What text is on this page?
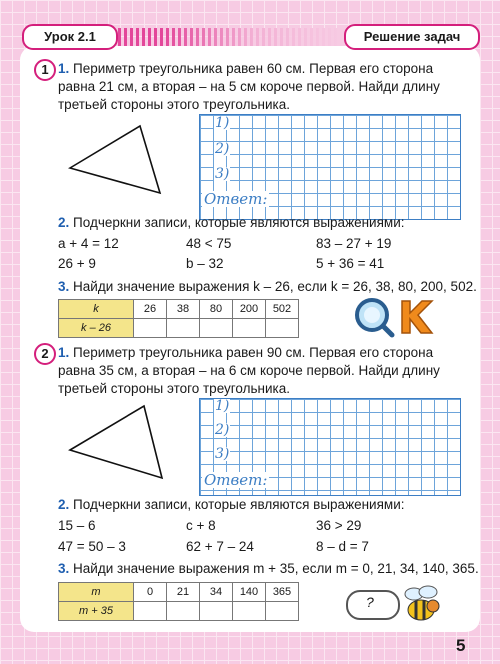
Урок 2.1	Решение задач
1 1. Периметр треугольника равен 60 см. Первая его сторона
равна 21 см, а вторая – на 5 см короче первой. Найди длину
третьей стороны этого треугольника.
1)
2)
3)
Ответ:
2. Подчеркни записи, которые являются выражениями:
a + 4 = 12	48 < 75	83 – 27 + 19
26 + 9	b – 32	5 + 36 = 41
3. Найди значение выражения k – 26, если k = 26, 38, 80, 200, 502.
k	26	38	80	200	502
k – 26					
2 1. Периметр треугольника равен 90 см. Первая его сторона
равна 35 см, а вторая – на 6 см короче первой. Найди длину
третьей стороны этого треугольника.
1)
2)
3)
Ответ:
2. Подчеркни записи, которые являются выражениями:
15 – 6	c + 8	36 > 29
47 = 50 – 3	62 + 7 – 24	8 – d = 7
3. Найди значение выражения m + 35, если m = 0, 21, 34, 140, 365.
m	0	21	34	140	365
m + 35					
?
5
